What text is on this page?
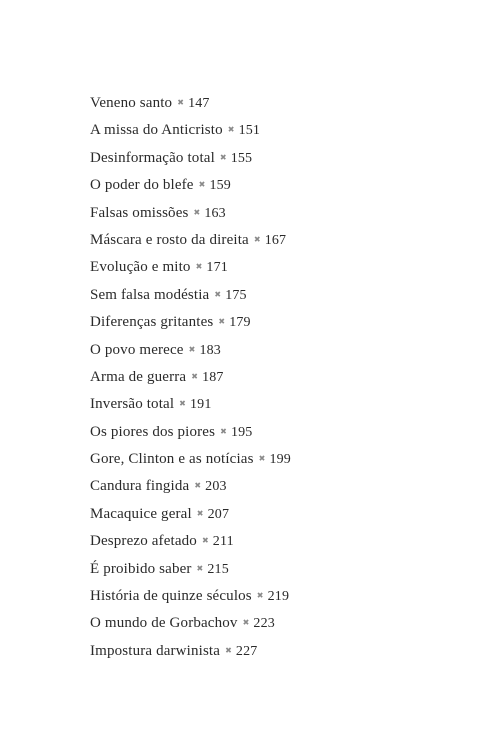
Veneno santo ✖ 147
A missa do Anticristo ✖ 151
Desinformação total ✖ 155
O poder do blefe ✖ 159
Falsas omissões ✖ 163
Máscara e rosto da direita ✖ 167
Evolução e mito ✖ 171
Sem falsa modéstia ✖ 175
Diferenças gritantes ✖ 179
O povo merece ✖ 183
Arma de guerra ✖ 187
Inversão total ✖ 191
Os piores dos piores ✖ 195
Gore, Clinton e as notícias ✖ 199
Candura fingida ✖ 203
Macaquice geral ✖ 207
Desprezo afetado ✖ 211
É proibido saber ✖ 215
História de quinze séculos ✖ 219
O mundo de Gorbachov ✖ 223
Impostura darwinista ✖ 227
